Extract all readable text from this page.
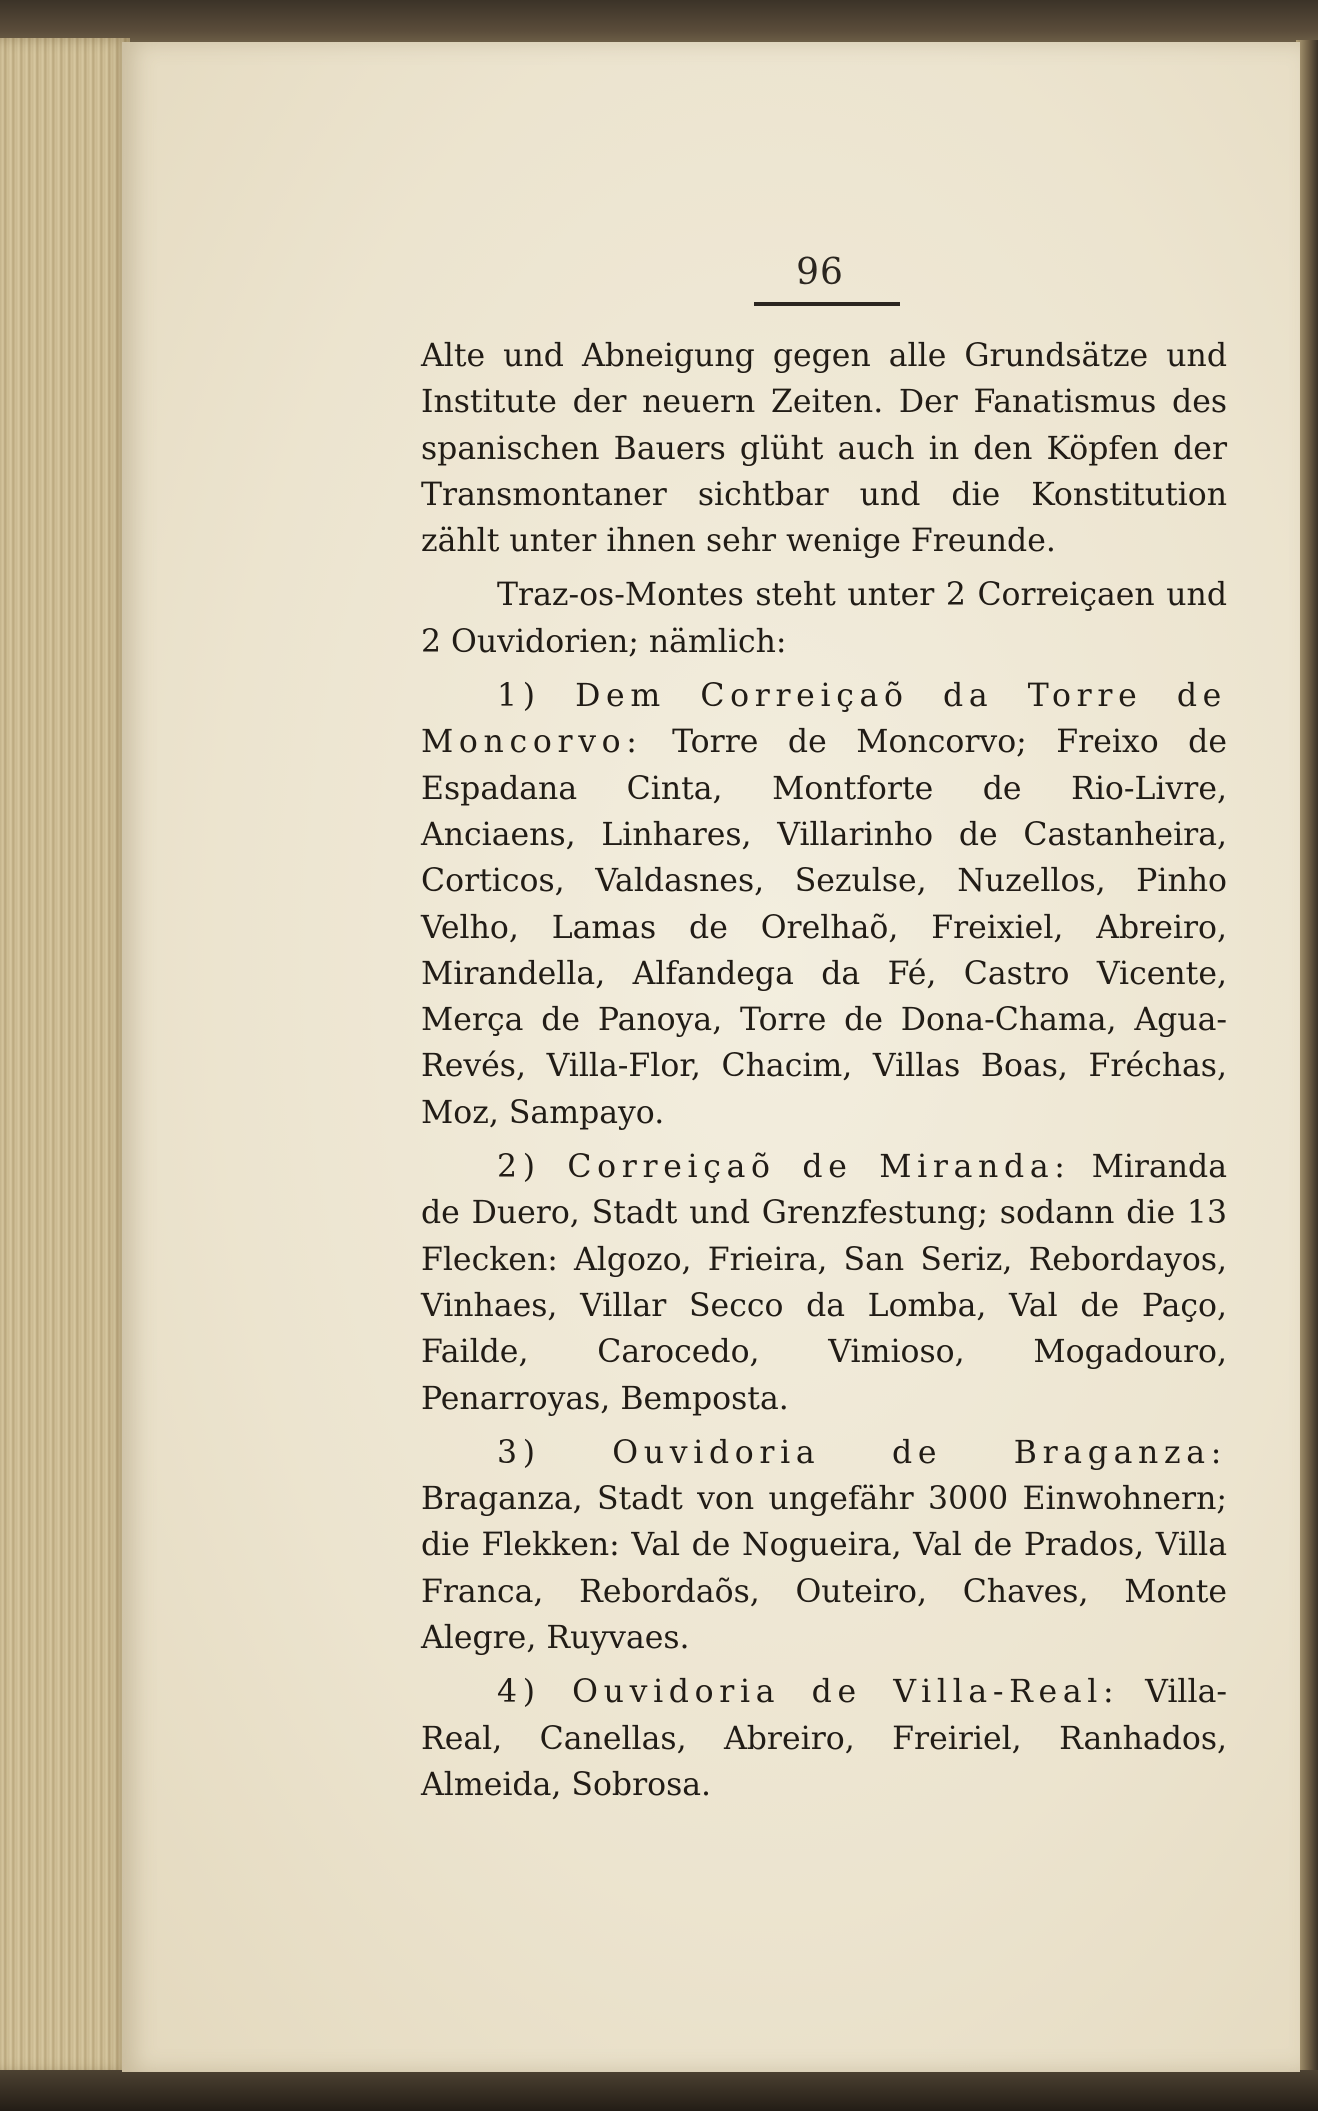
96

Alte und Abneigung gegen alle Grundsätze und Institute der neuern Zeiten. Der Fanatismus des spanischen Bauers glüht auch in den Köpfen der Transmontaner sichtbar und die Konstitution zählt unter ihnen sehr wenige Freunde.

Traz-os-Montes steht unter 2 Correiçaen und 2 Ouvidorien; nämlich:

1) Dem Correiçaõ da Torre de Moncorvo: Torre de Moncorvo; Freixo de Espadana Cinta, Montforte de Rio-Livre, Anciaens, Linhares, Villarinho de Castanheira, Corticos, Valdasnes, Sezulse, Nuzellos, Pinho Velho, Lamas de Orelhaõ, Freixiel, Abreiro, Mirandella, Alfandega da Fé, Castro Vicente, Merça de Panoya, Torre de Dona-Chama, Agua-Revés, Villa-Flor, Chacim, Villas Boas, Fréchas, Moz, Sampayo.

2) Correiçaõ de Miranda: Miranda de Duero, Stadt und Grenzfestung; sodann die 13 Flecken: Algozo, Frieira, San Seriz, Rebordayos, Vinhaes, Villar Secco da Lomba, Val de Paço, Failde, Carocedo, Vimioso, Mogadouro, Penarroyas, Bemposta.

3) Ouvidoria de Braganza: Braganza, Stadt von ungefähr 3000 Einwohnern; die Flekken: Val de Nogueira, Val de Prados, Villa Franca, Rebordaõs, Outeiro, Chaves, Monte Alegre, Ruyvaes.

4) Ouvidoria de Villa-Real: Villa-Real, Canellas, Abreiro, Freiriel, Ranhados, Almeida, Sobrosa.
